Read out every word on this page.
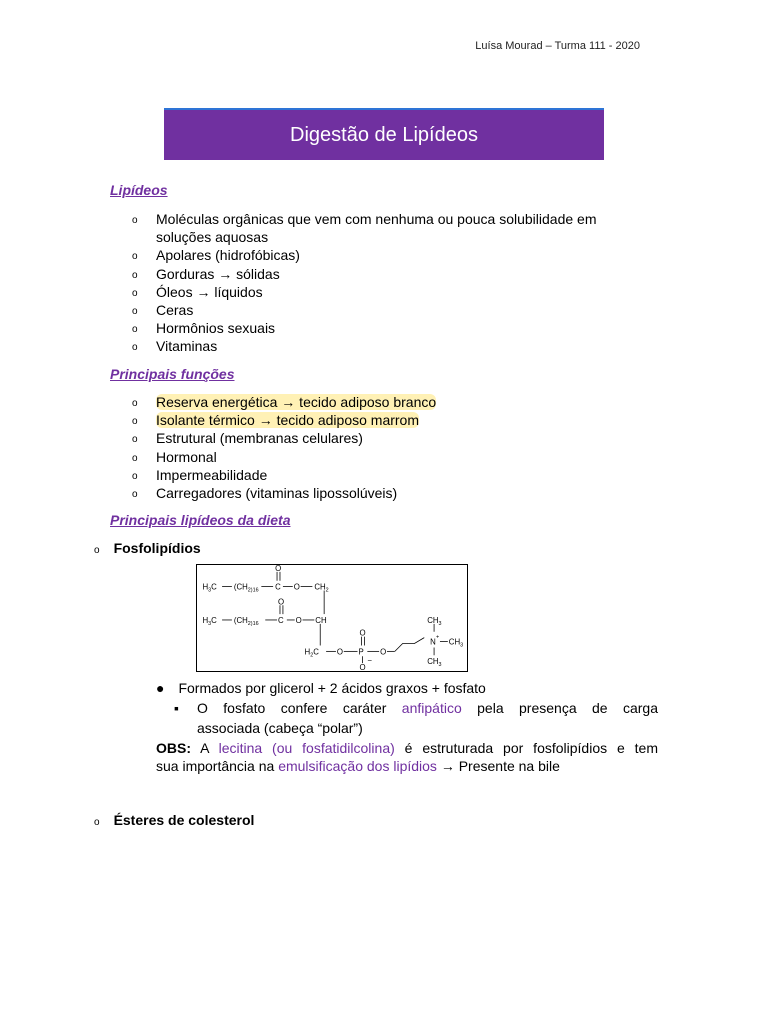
Luísa Mourad – Turma 111 - 2020
Digestão de Lipídeos
Lipídeos
o Moléculas orgânicas que vem com nenhuma ou pouca solubilidade em
soluções aquosas
o Apolares (hidrofóbicas)
o Gorduras → sólidas
o Óleos → líquidos
o Ceras
o Hormônios sexuais
o Vitaminas
Principais funções
o Reserva energética → tecido adiposo branco
o Isolante térmico → tecido adiposo marrom
o Estrutural (membranas celulares)
o Hormonal
o Impermeabilidade
o Carregadores (vitaminas lipossolúveis)
Principais lipídeos da dieta
o Fosfolipídios
$H_3C$ $(CH_2)16$ C
O
O $CH_2$
$H_3C$ $(CH_2)16$ C
O
O CH
$H_2C$ O P
O
O
−
O
N +
$CH_3$
$CH_3$
$CH_3$
● Formados por glicerol + 2 ácidos graxos + fosfato
▪ O fosfato confere caráter anfipático pela presença de carga
associada (cabeça “polar”)
OBS: A lecitina (ou fosfatidilcolina) é estruturada por fosfolipídios e tem
sua importância na emulsificação dos lipídios → Presente na bile
o Ésteres de colesterol
